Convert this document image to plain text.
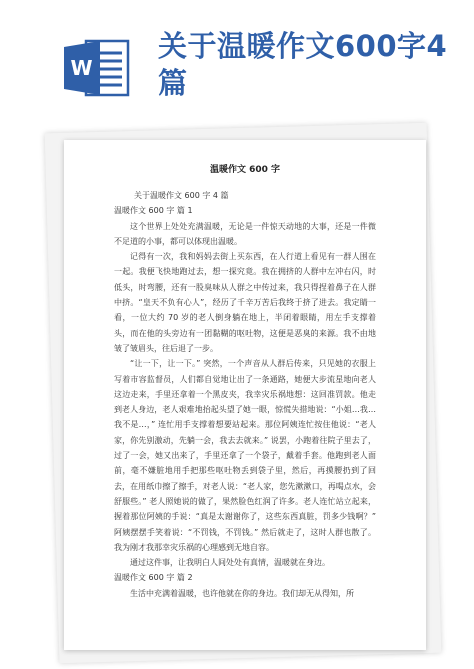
W
关于温暖作文600字4篇
温暖作文 600 字

关于温暖作文 600 字 4 篇

温暖作文 600 字 篇 1

这个世界上处处充满温暖，无论是一件惊天动地的大事，还是一件微不足道的小事，都可以体现出温暖。

记得有一次，我和妈妈去街上买东西，在人行道上看见有一群人围在一起。我便飞快地跑过去，想一探究竟。我在拥挤的人群中左冲右闪，时低头，时弯腰，还有一股臭味从人群之中传过来，我只得捏着鼻子在人群中挤。“皇天不负有心人”，经历了千辛万苦后我终于挤了进去。我定睛一看，一位大约 70 岁的老人倒身躺在地上，半闭着眼睛，用左手支撑着头，而在他的头旁边有一团黏糊的呕吐物，这便是恶臭的来源。我不由地皱了皱眉头，往后退了一步。

“让一下，让一下。” 突然，一个声音从人群后传来，只见她的衣服上写着市容监督员，人们都自觉地让出了一条通路，她便大步流星地向老人这边走来，手里还拿着一个黑皮夹，我幸灾乐祸地想：这回准罚款。他走到老人身边，老人艰难地抬起头望了她一眼，惊慌失措地说：“小姐…我…我不是…，” 连忙用手支撑着想要站起来。那位阿姨连忙按住他说：“老人家，你先别激动，先躺一会，我去去就来。” 说罢，小跑着往院子里去了，过了一会，她又出来了，手里还拿了一个袋子，戴着手套。他跑到老人面前，毫不嫌脏地用手把那些呕吐物丢到袋子里，然后，再摸腰扔到了回去，在用纸巾擦了擦手，对老人说：“老人家，您先漱漱口，再喝点水，会舒服些。” 老人照她说的做了，果然脸色红润了许多。老人连忙站立起来，握着那位阿姨的手说：“真是太谢谢你了，这些东西真脏，罚多少钱啊？” 阿姨摆摆手笑着说：“不罚钱，不罚钱。” 然后就走了，这时人群也散了。我为刚才我那幸灾乐祸的心理感到无地自容。

通过这件事，让我明白人间处处有真情，温暖就在身边。

温暖作文 600 字 篇 2

生活中充满着温暖，也许他就在你的身边。我们却无从得知，所
